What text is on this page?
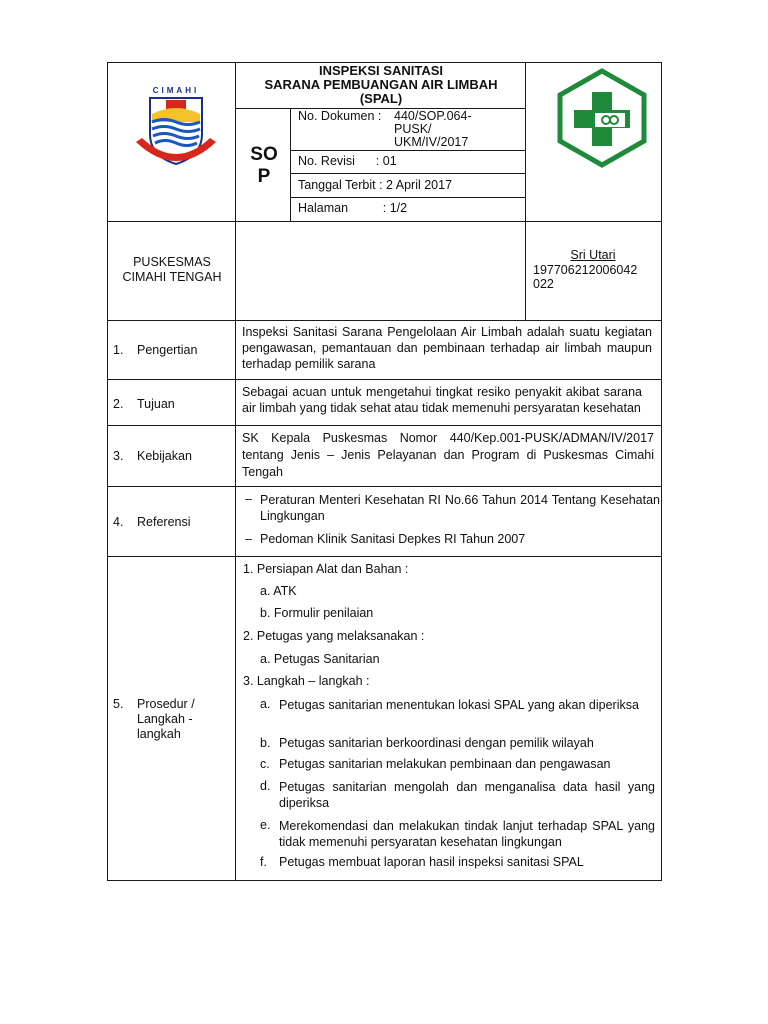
CIMAHI
INSPEKSI SANITASI
SARANA PEMBUANGAN AIR LIMBAH
(SPAL)
SO
P
No. Dokumen : 440/SOP.064-
PUSK/
UKM/IV/2017
No. Revisi      : 01
Tanggal Terbit : 2 April 2017
Halaman          : 1/2
PUSKESMAS
CIMAHI TENGAH
Sri Utari
197706212006042
022
1. Pengertian
Inspeksi Sanitasi Sarana Pengelolaan Air Limbah adalah suatu kegiatan pengawasan, pemantauan dan pembinaan terhadap air limbah maupun terhadap pemilik sarana
2. Tujuan
Sebagai acuan untuk mengetahui tingkat resiko penyakit akibat sarana air limbah yang tidak sehat atau tidak memenuhi persyaratan kesehatan
3. Kebijakan
SK Kepala Puskesmas Nomor 440/Kep.001-PUSK/ADMAN/IV/2017 tentang Jenis – Jenis Pelayanan dan Program di Puskesmas Cimahi Tengah
4. Referensi
– Peraturan Menteri Kesehatan RI No.66 Tahun 2014 Tentang Kesehatan Lingkungan
– Pedoman Klinik Sanitasi Depkes RI Tahun 2007
5. Prosedur /
Langkah -
langkah
1. Persiapan Alat dan Bahan :
a. ATK
b. Formulir penilaian
2. Petugas yang melaksanakan :
a. Petugas Sanitarian
3. Langkah – langkah :
a. Petugas sanitarian menentukan lokasi SPAL yang akan diperiksa
b. Petugas sanitarian berkoordinasi dengan pemilik wilayah
c. Petugas sanitarian melakukan pembinaan dan pengawasan
d. Petugas sanitarian mengolah dan menganalisa data hasil yang diperiksa
e. Merekomendasi dan melakukan tindak lanjut terhadap SPAL yang tidak memenuhi persyaratan kesehatan lingkungan
f. Petugas membuat laporan hasil inspeksi sanitasi SPAL
